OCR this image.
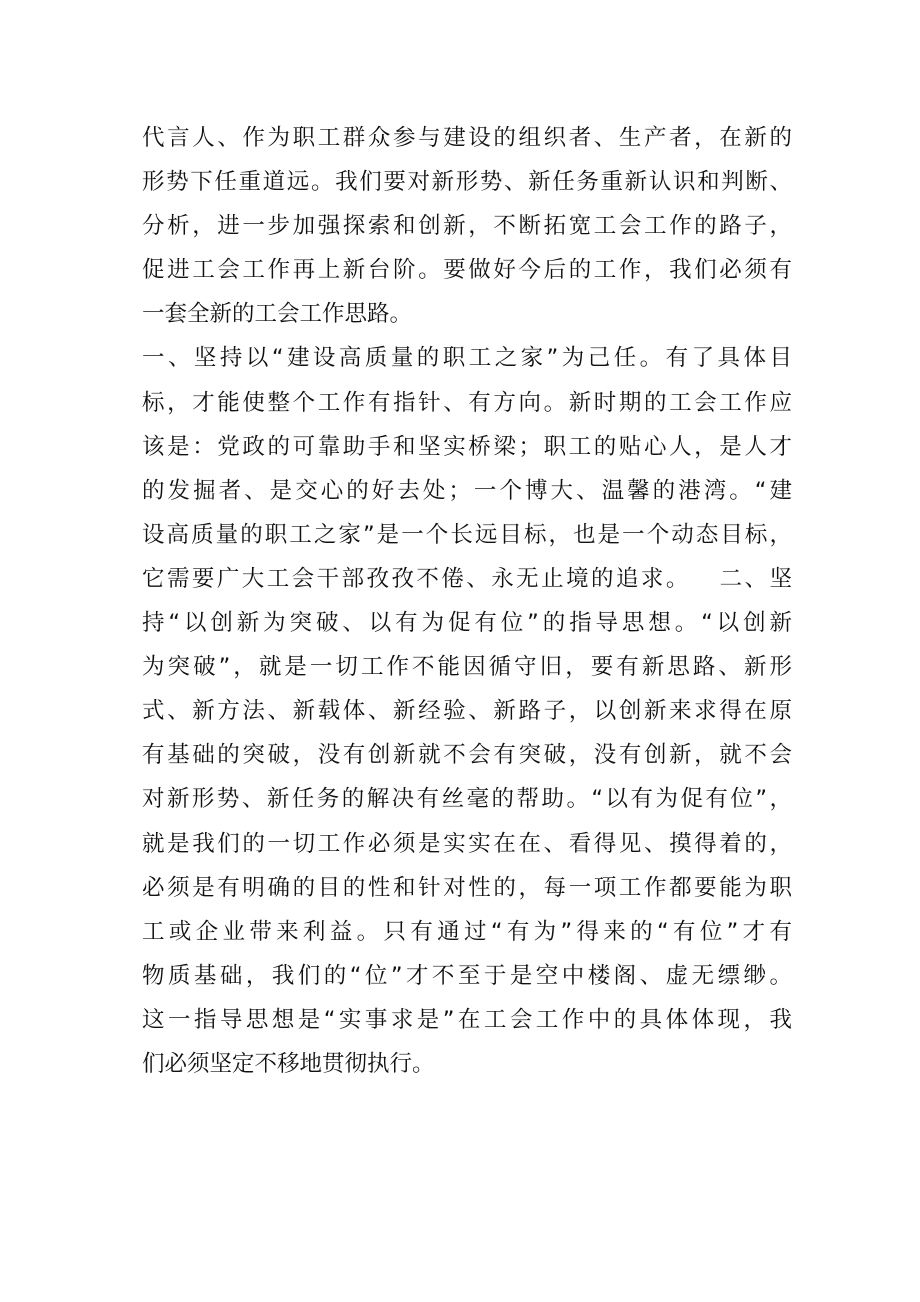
代言人、作为职工群众参与建设的组织者、生产者，在新的
形势下任重道远。我们要对新形势、新任务重新认识和判断、
分析，进一步加强探索和创新，不断拓宽工会工作的路子，
促进工会工作再上新台阶。要做好今后的工作，我们必须有
一套全新的工会工作思路。
一、坚持以“建设高质量的职工之家”为己任。有了具体目
标，才能使整个工作有指针、有方向。新时期的工会工作应
该是：党政的可靠助手和坚实桥梁；职工的贴心人，是人才
的发掘者、是交心的好去处；一个博大、温馨的港湾。“建
设高质量的职工之家”是一个长远目标，也是一个动态目标，
它需要广大工会干部孜孜不倦、永无止境的追求。   二、坚
持“以创新为突破、以有为促有位”的指导思想。“以创新
为突破”，就是一切工作不能因循守旧，要有新思路、新形
式、新方法、新载体、新经验、新路子，以创新来求得在原
有基础的突破，没有创新就不会有突破，没有创新，就不会
对新形势、新任务的解决有丝毫的帮助。“以有为促有位”，
就是我们的一切工作必须是实实在在、看得见、摸得着的，
必须是有明确的目的性和针对性的，每一项工作都要能为职
工或企业带来利益。只有通过“有为”得来的“有位”才有
物质基础，我们的“位”才不至于是空中楼阁、虚无缥缈。
这一指导思想是“实事求是”在工会工作中的具体体现，我
们必须坚定不移地贯彻执行。
